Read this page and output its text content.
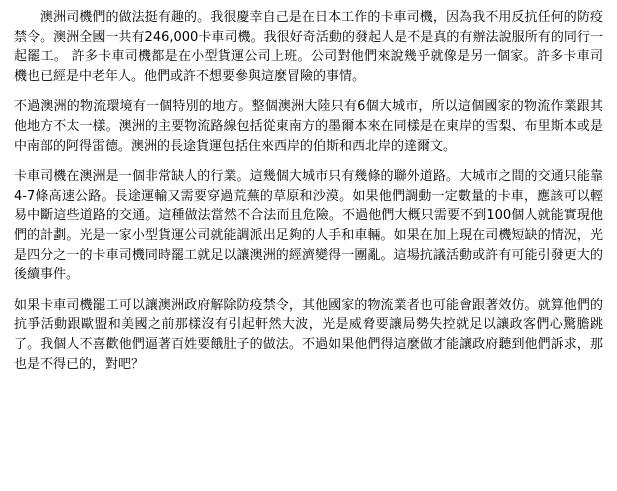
澳洲司機們的做法挺有趣的。我很慶幸自己是在日本工作的卡車司機，因為我不用反抗任何的防疫禁令。澳洲全國一共有246,000卡車司機。我很好奇活動的發起人是不是真的有辦法說服所有的同行一起罷工。 許多卡車司機都是在小型貨運公司上班。公司對他們來說幾乎就像是另一個家。許多卡車司機也已經是中老年人。他們或許不想要參與這麼冒險的事情。

不過澳洲的物流環境有一個特別的地方。整個澳洲大陸只有6個大城市，所以這個國家的物流作業跟其他地方不太一樣。澳洲的主要物流路線包括從東南方的墨爾本來在同樣是在東岸的雪梨、布里斯本或是中南部的阿得雷德。澳洲的長途貨運包括住來西岸的伯斯和西北岸的達爾文。

卡車司機在澳洲是一個非常缺人的行業。這幾個大城市只有幾條的聯外道路。大城市之間的交通只能靠4-7條高速公路。長途運輸又需要穿過荒蕪的草原和沙漠。如果他們調動一定數量的卡車，應該可以輕易中斷這些道路的交通。這種做法當然不合法而且危險。不過他們大概只需要不到100個人就能實現他們的計劃。光是一家小型貨運公司就能調派出足夠的人手和車輛。如果在加上現在司機短缺的情況，光是四分之一的卡車司機同時罷工就足以讓澳洲的經濟變得一團亂。這場抗議活動或許有可能引發更大的後續事件。

如果卡車司機罷工可以讓澳洲政府解除防疫禁令，其他國家的物流業者也可能會跟著效仿。就算他們的抗爭活動跟歐盟和美國之前那樣沒有引起軒然大波，光是威脅要讓局勢失控就足以讓政客們心驚膽跳了。我個人不喜歡他們逼著百姓要餓肚子的做法。不過如果他們得這麼做才能讓政府聽到他們訴求，那也是不得已的，對吧？
